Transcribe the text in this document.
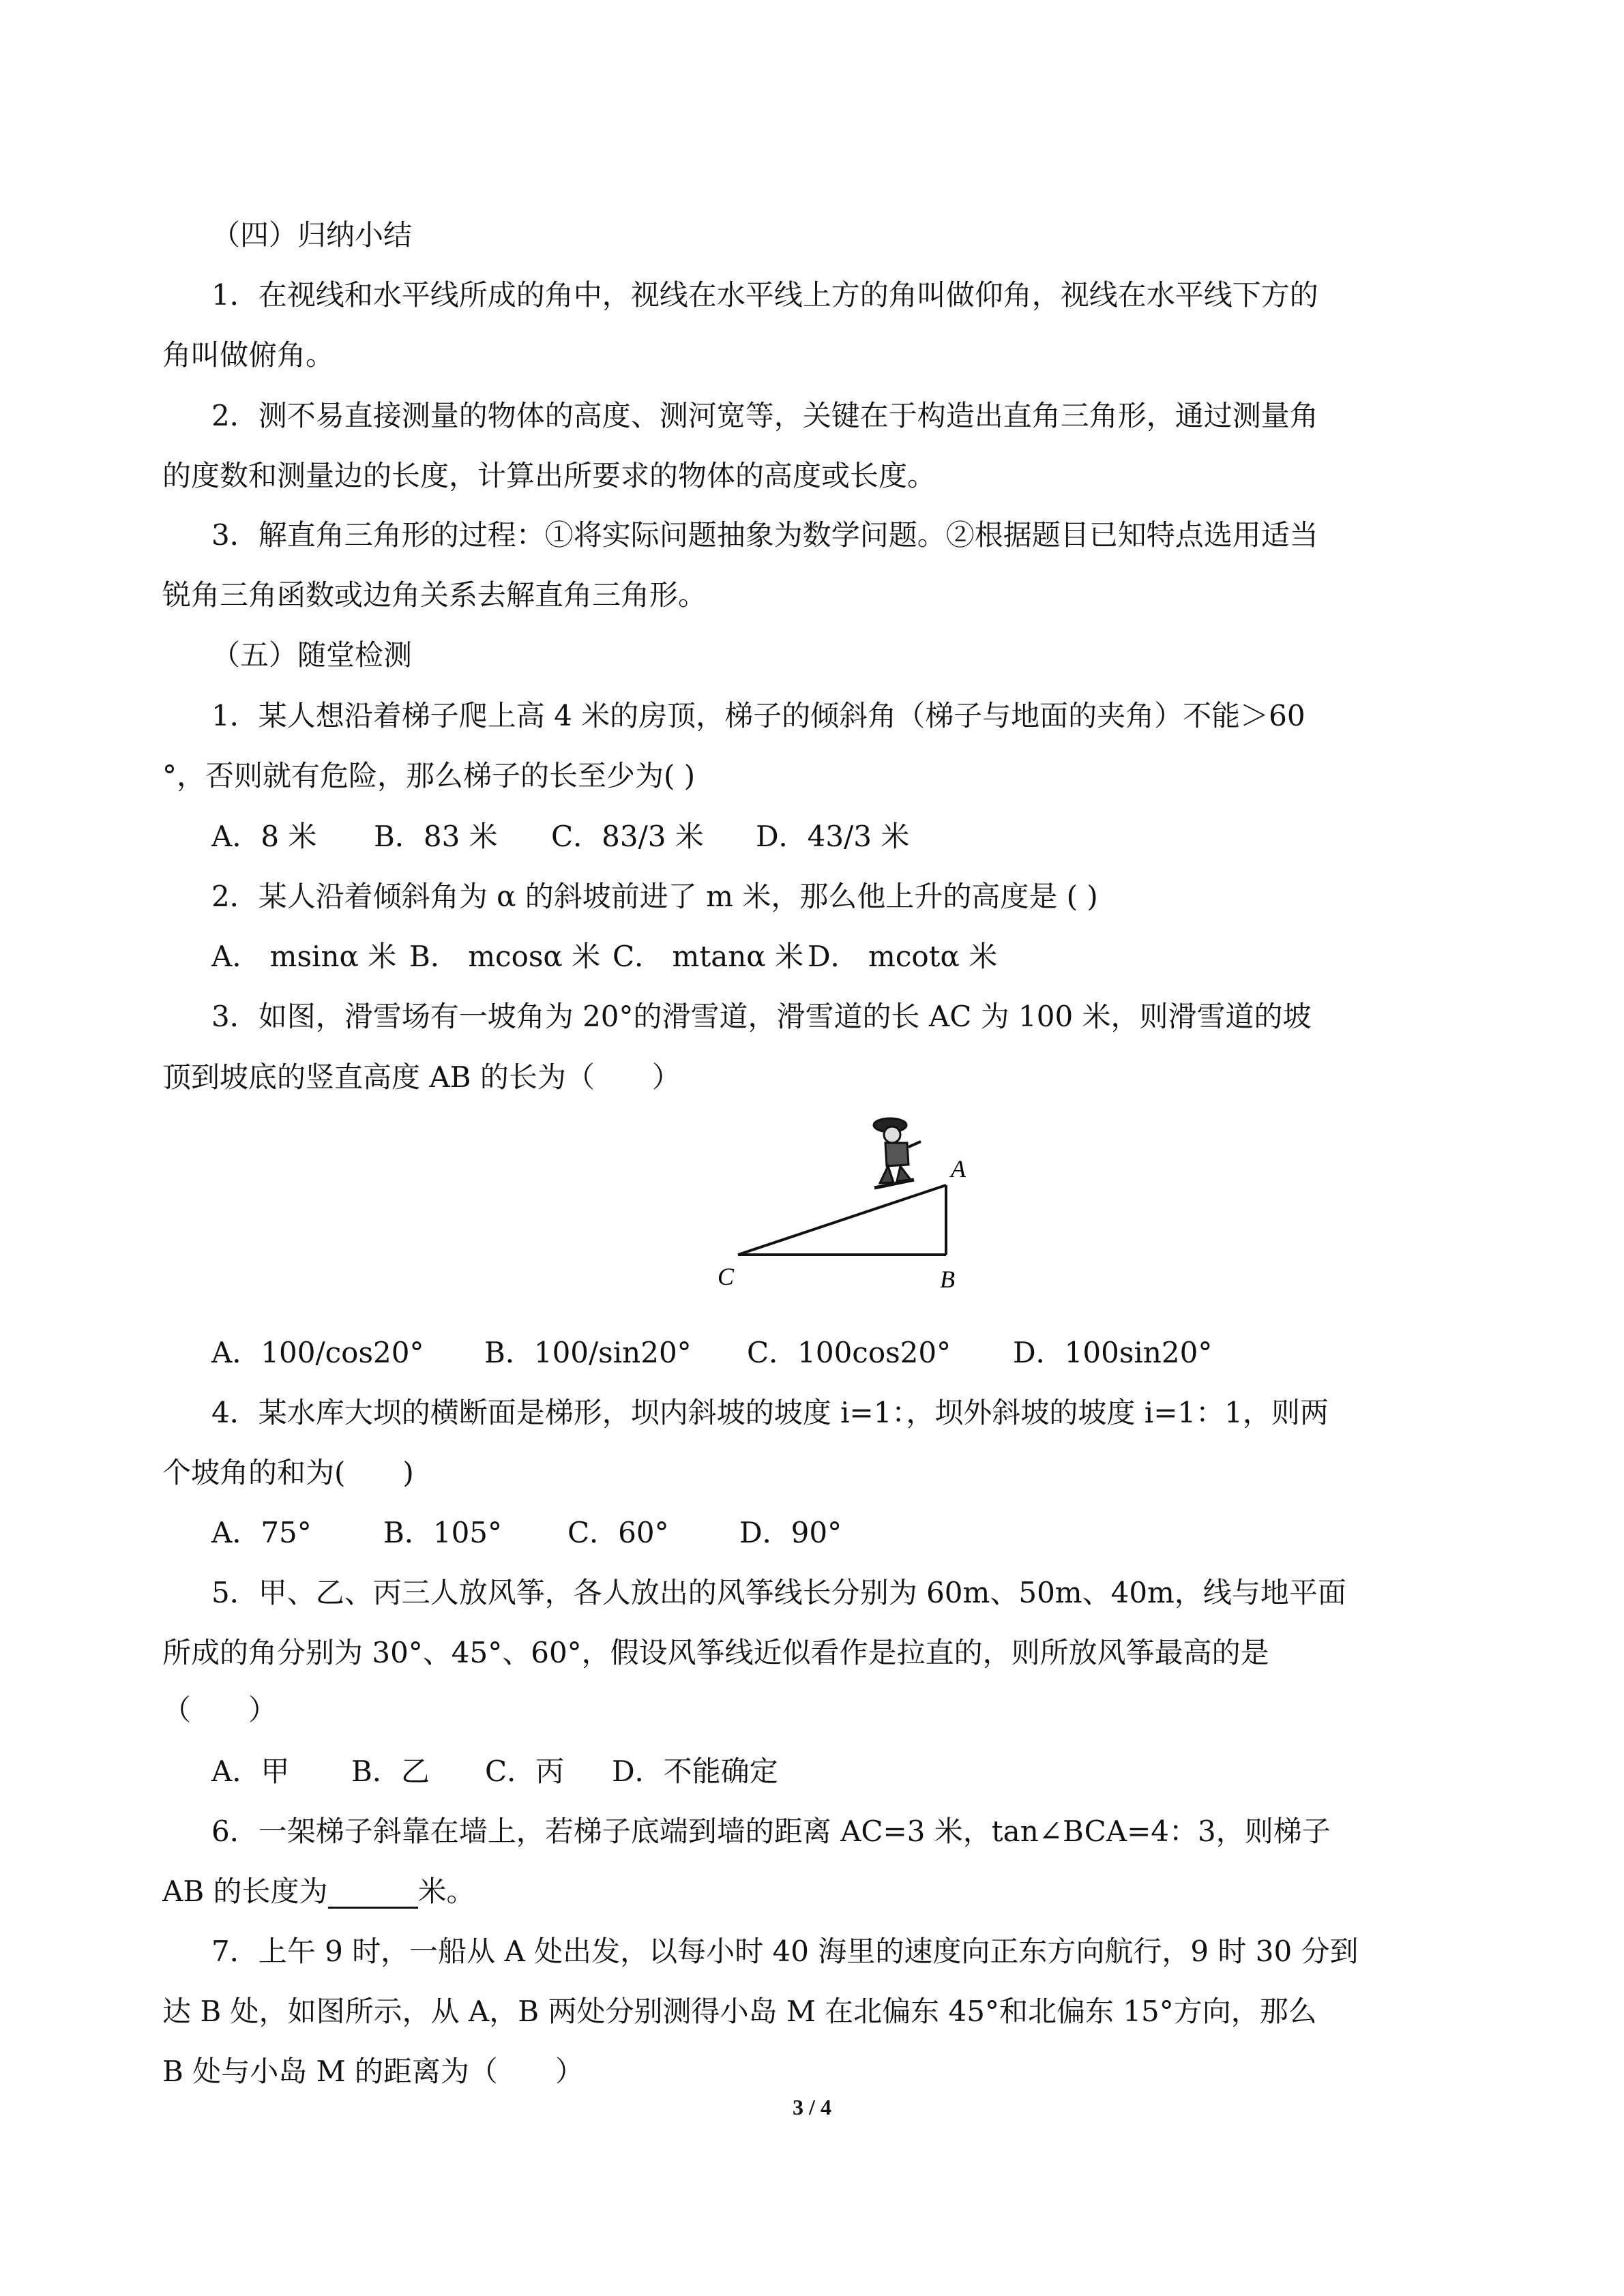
（四）归纳小结
1．在视线和水平线所成的角中，视线在水平线上方的角叫做仰角，视线在水平线下方的
角叫做俯角。
2．测不易直接测量的物体的高度、测河宽等，关键在于构造出直角三角形，通过测量角
的度数和测量边的长度，计算出所要求的物体的高度或长度。
3．解直角三角形的过程：①将实际问题抽象为数学问题。②根据题目已知特点选用适当
锐角三角函数或边角关系去解直角三角形。
（五）随堂检测
1．某人想沿着梯子爬上高 4 米的房顶，梯子的倾斜角（梯子与地面的夹角）不能＞60
°，否则就有危险，那么梯子的长至少为( )
A．8 米 B．83 米 C．83/3 米 D．43/3 米
2．某人沿着倾斜角为 α 的斜坡前进了 m 米，那么他上升的高度是 ( )
A． msinα 米 B． mcosα 米 C． mtanα 米 D． mcotα 米
3．如图，滑雪场有一坡角为 20°的滑雪道，滑雪道的长 AC 为 100 米，则滑雪道的坡
顶到坡底的竖直高度 AB 的长为（　　）
A
B
C
A．100/cos20° B．100/sin20° C．100cos20° D．100sin20°
4．某水库大坝的横断面是梯形，坝内斜坡的坡度 i=1：，坝外斜坡的坡度 i=1：1，则两
个坡角的和为(　　)
A．75°	B．105° C．60° D．90°
5．甲、乙、丙三人放风筝，各人放出的风筝线长分别为 60m、50m、40m，线与地平面
所成的角分别为 30°、45°、60°，假设风筝线近似看作是拉直的，则所放风筝最高的是
（　　）
A．甲 B．乙 C．丙 D．不能确定
6．一架梯子斜靠在墙上，若梯子底端到墙的距离 AC=3 米，tan∠BCA=4：3，则梯子
AB 的长度为	米。
7．上午 9 时，一船从 A 处出发，以每小时 40 海里的速度向正东方向航行，9 时 30 分到
达 B 处，如图所示，从 A，B 两处分别测得小岛 M 在北偏东 45°和北偏东 15°方向，那么
B 处与小岛 M 的距离为（　　）
3 / 4
